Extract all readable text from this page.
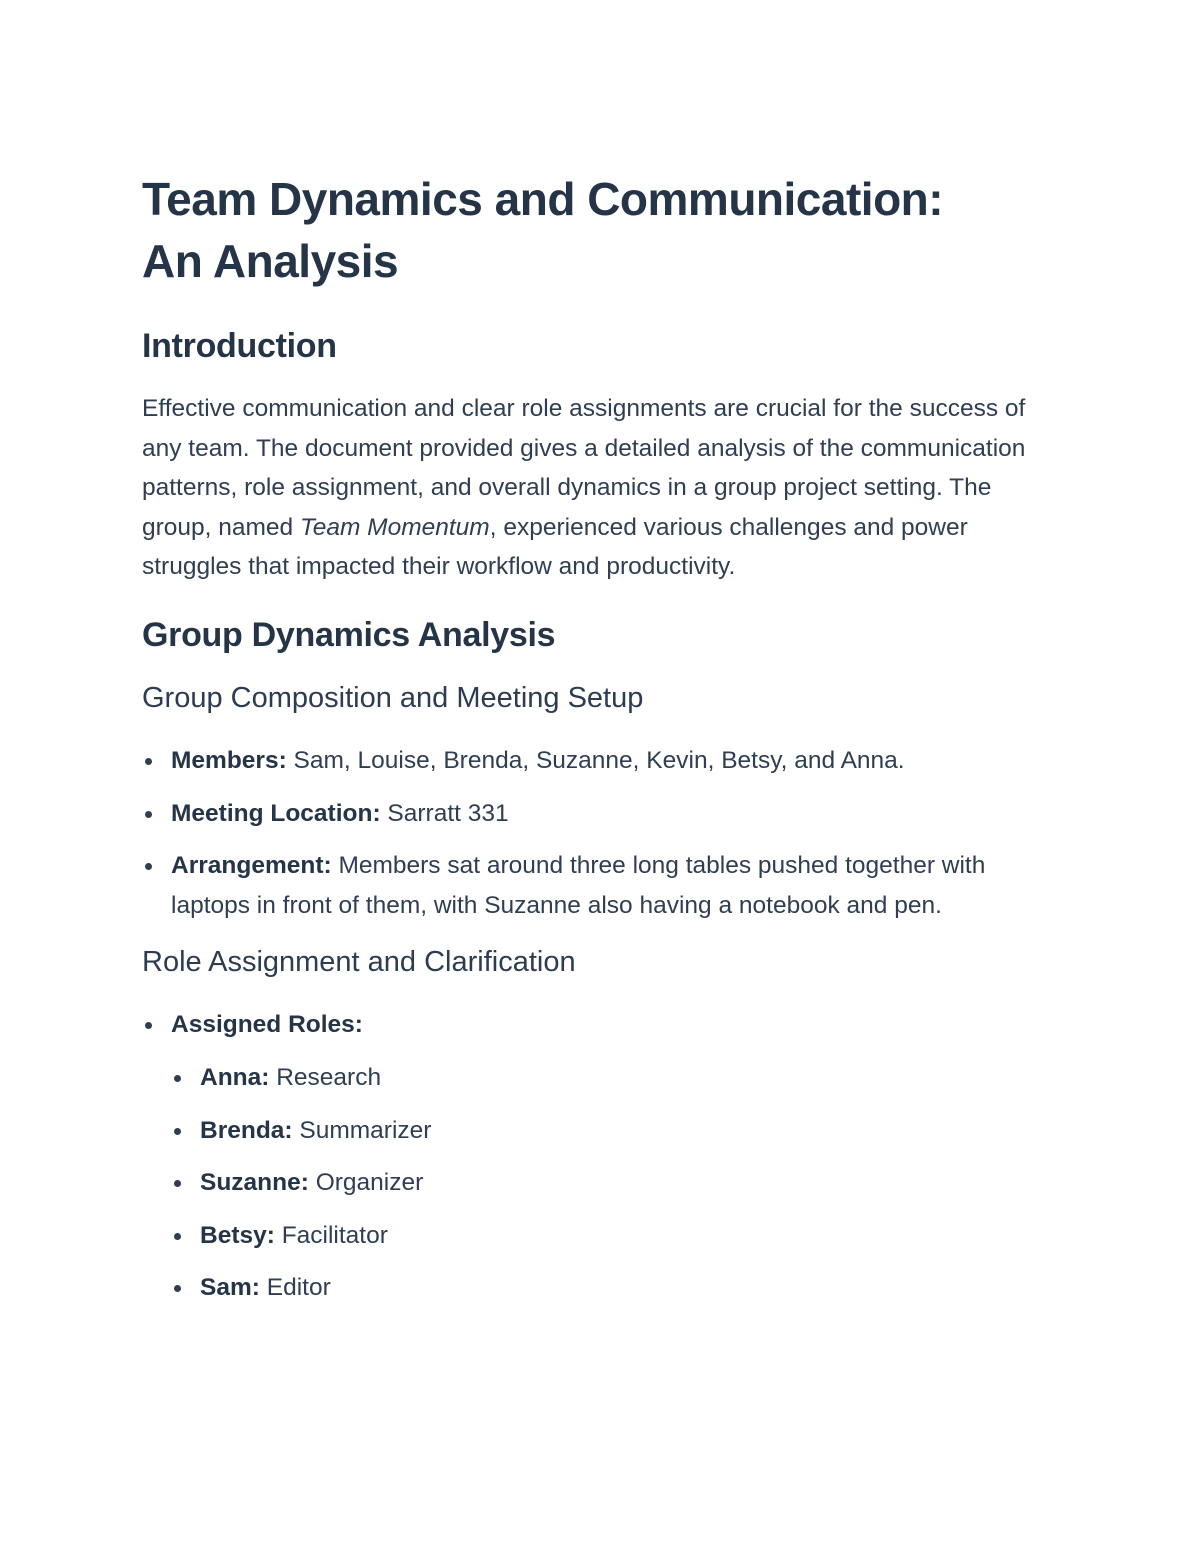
Team Dynamics and Communication:
An Analysis
Introduction

Effective communication and clear role assignments are crucial for the success of any team. The document provided gives a detailed analysis of the communication patterns, role assignment, and overall dynamics in a group project setting. The group, named Team Momentum, experienced various challenges and power struggles that impacted their workflow and productivity.

Group Dynamics Analysis
Group Composition and Meeting Setup
Members: Sam, Louise, Brenda, Suzanne, Kevin, Betsy, and Anna.
Meeting Location: Sarratt 331
Arrangement: Members sat around three long tables pushed together with laptops in front of them, with Suzanne also having a notebook and pen.
Role Assignment and Clarification
Assigned Roles:
Anna: Research
Brenda: Summarizer
Suzanne: Organizer
Betsy: Facilitator
Sam: Editor
